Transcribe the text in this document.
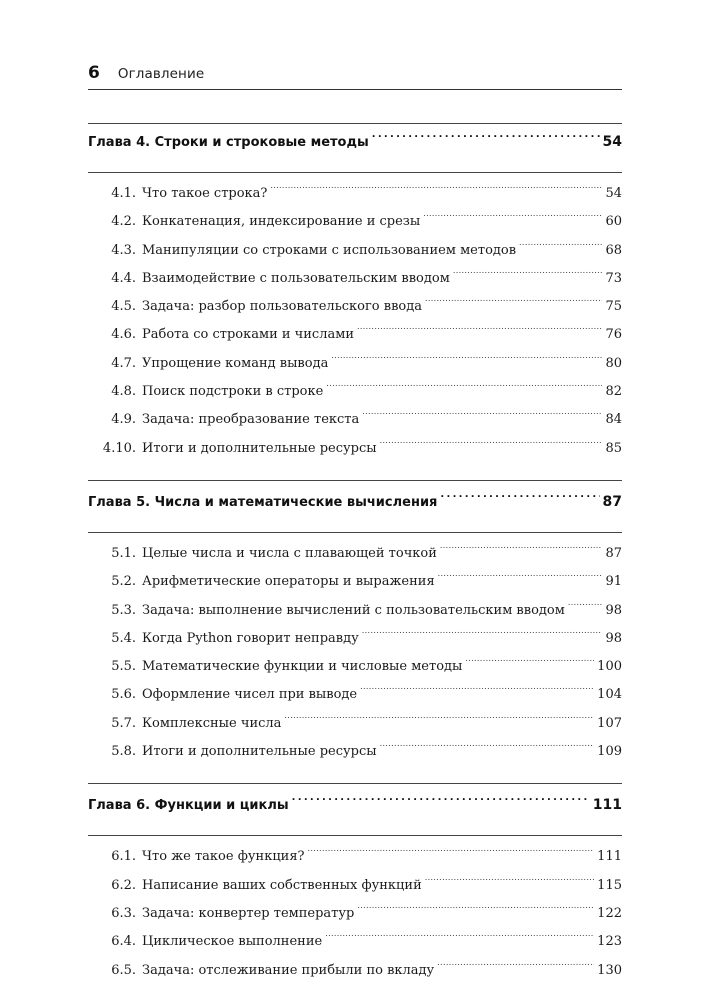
6 Оглавление
Глава 4. Строки и строковые методы . . .	54
4.1. Что такое строка? . . .	54
4.2. Конкатенация, индексирование и срезы . . .	60
4.3. Манипуляции со строками с использованием методов . . .	68
4.4. Взаимодействие с пользовательским вводом . . .	73
4.5. Задача: разбор пользовательского ввода . . .	75
4.6. Работа со строками и числами . . .	76
4.7. Упрощение команд вывода . . .	80
4.8. Поиск подстроки в строке . . .	82
4.9. Задача: преобразование текста . . .	84
4.10. Итоги и дополнительные ресурсы . . .	85
Глава 5. Числа и математические вычисления . . .	87
5.1. Целые числа и числа с плавающей точкой . . .	87
5.2. Арифметические операторы и выражения . . .	91
5.3. Задача: выполнение вычислений с пользовательским вводом . . .	98
5.4. Когда Python говорит неправду . . .	98
5.5. Математические функции и числовые методы . . .	100
5.6. Оформление чисел при выводе . . .	104
5.7. Комплексные числа . . .	107
5.8. Итоги и дополнительные ресурсы . . .	109
Глава 6. Функции и циклы . . .	111
6.1. Что же такое функция? . . .	111
6.2. Написание ваших собственных функций . . .	115
6.3. Задача: конвертер температур . . .	122
6.4. Циклическое выполнение . . .	123
6.5. Задача: отслеживание прибыли по вкладу . . .	130
